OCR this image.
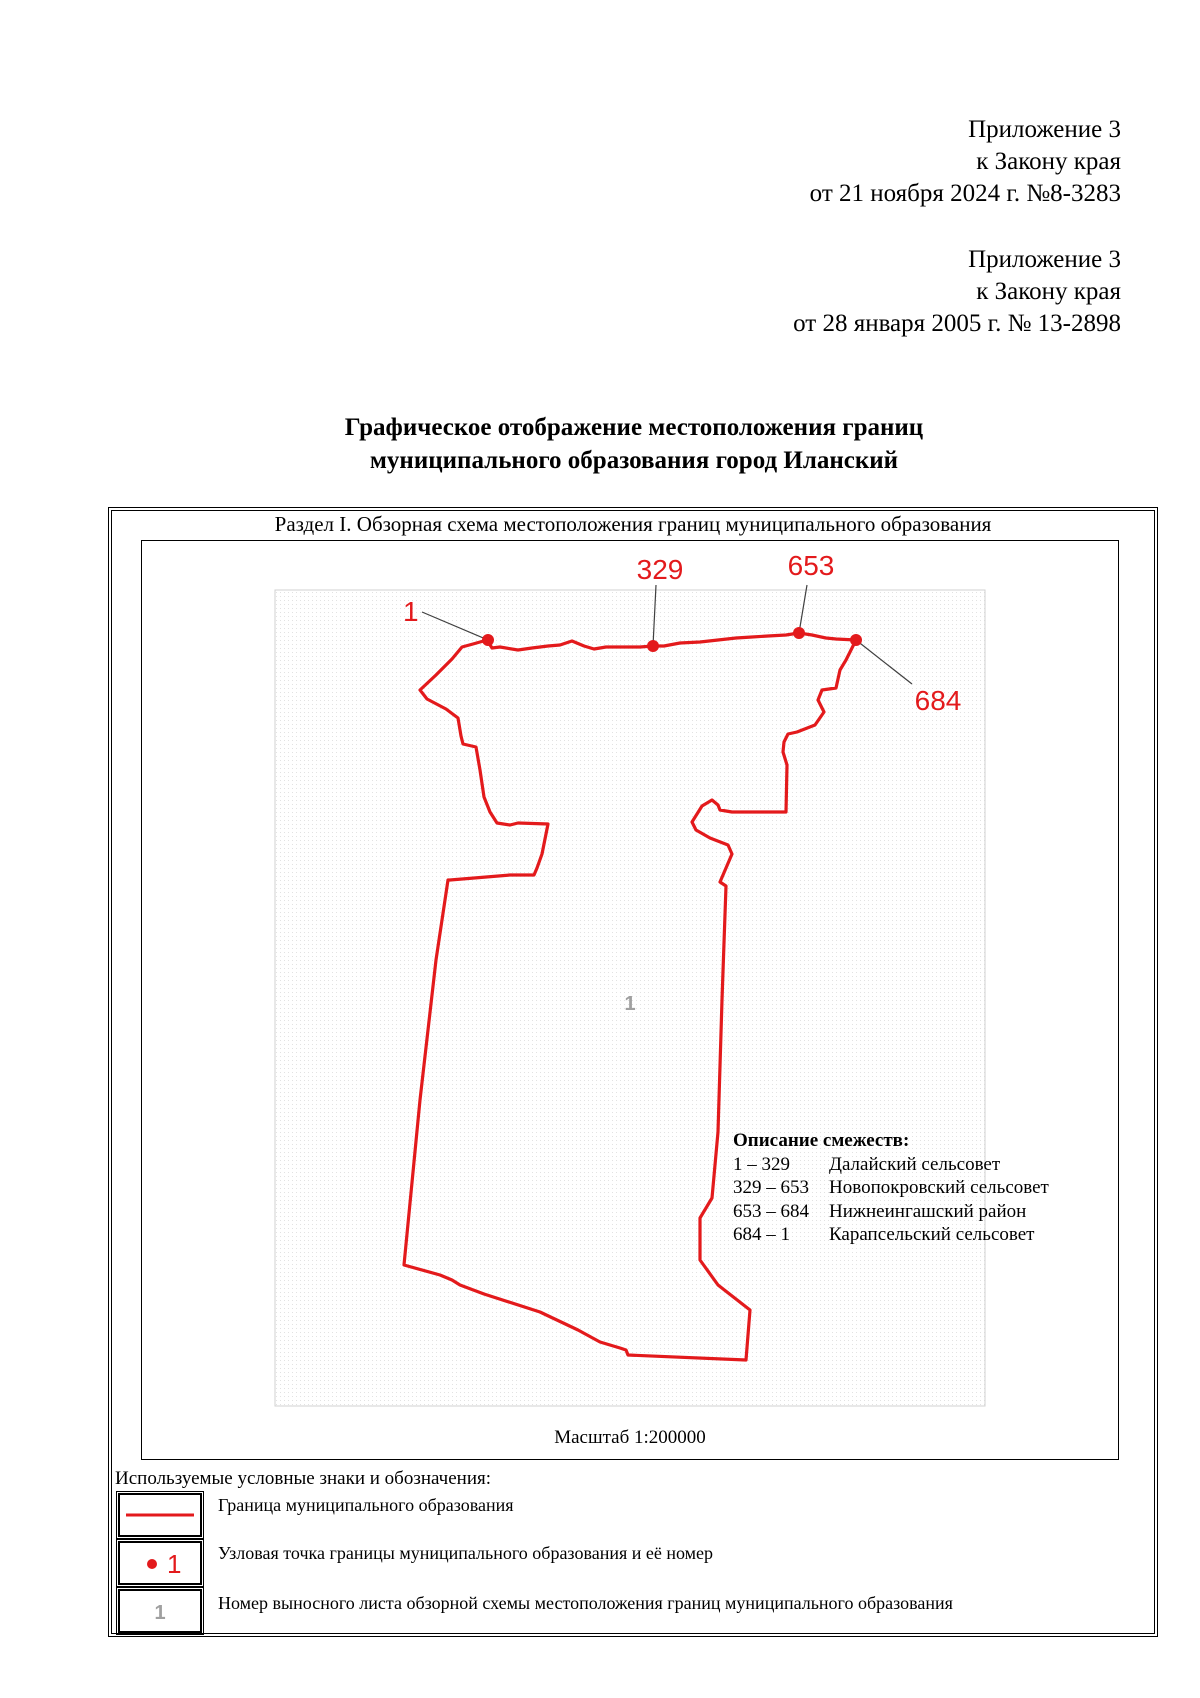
Приложение 3
к Закону края
от 21 ноября 2024 г. №8-3283
Приложение 3
к Закону края
от 28 января 2005 г. № 13-2898
Графическое отображение местоположения границ
муниципального образования город Иланский
Раздел I. Обзорная схема местоположения границ муниципального образования
1
329	653
684
1
Описание смежеств:
1 – 329 Далайский сельсовет
329 – 653 Новопокровский сельсовет
653 – 684 Нижнеингашский район
684 – 1 Карапсельский сельсовет
Масштаб 1:200000
Используемые условные знаки и обозначения:
Граница муниципального образования
1 Узловая точка границы муниципального образования и её номер
1	Номер выносного листа обзорной схемы местоположения границ муниципального образования
